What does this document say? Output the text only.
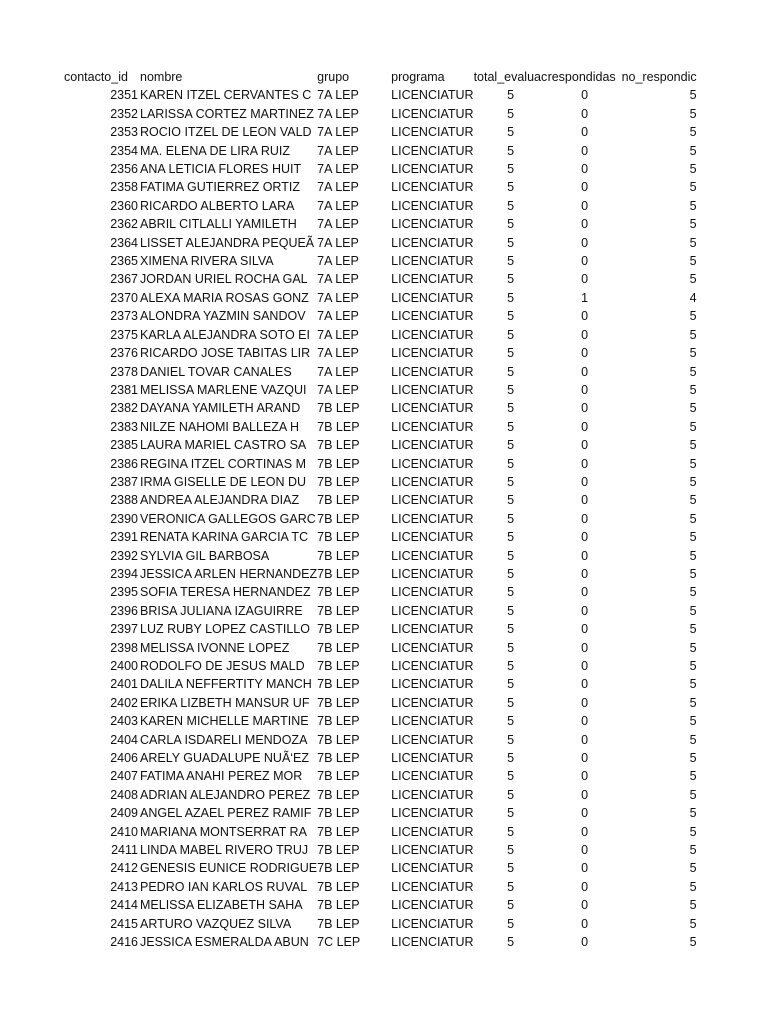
contacto_id	nombre	grupo	programa	total_evaluac	respondidas	no_respondic
2351	KAREN ITZEL CERVANTES C	7A LEP	LICENCIATUR	5	0	5
2352	LARISSA CORTEZ MARTINEZ	7A LEP	LICENCIATUR	5	0	5
2353	ROCIO ITZEL DE LEON VALD	7A LEP	LICENCIATUR	5	0	5
2354	MA. ELENA DE LIRA RUIZ	7A LEP	LICENCIATUR	5	0	5
2356	ANA LETICIA FLORES HUIT	7A LEP	LICENCIATUR	5	0	5
2358	FATIMA GUTIERREZ ORTIZ	7A LEP	LICENCIATUR	5	0	5
2360	RICARDO ALBERTO LARA	7A LEP	LICENCIATUR	5	0	5
2362	ABRIL CITLALLI YAMILETH	7A LEP	LICENCIATUR	5	0	5
2364	LISSET ALEJANDRA PEQUEÃ	7A LEP	LICENCIATUR	5	0	5
2365	XIMENA RIVERA SILVA	7A LEP	LICENCIATUR	5	0	5
2367	JORDAN URIEL ROCHA GAL	7A LEP	LICENCIATUR	5	0	5
2370	ALEXA MARIA ROSAS GONZ	7A LEP	LICENCIATUR	5	1	4
2373	ALONDRA YAZMIN SANDOV	7A LEP	LICENCIATUR	5	0	5
2375	KARLA ALEJANDRA SOTO EI	7A LEP	LICENCIATUR	5	0	5
2376	RICARDO JOSE TABITAS LIR	7A LEP	LICENCIATUR	5	0	5
2378	DANIEL TOVAR CANALES	7A LEP	LICENCIATUR	5	0	5
2381	MELISSA MARLENE VAZQUI	7A LEP	LICENCIATUR	5	0	5
2382	DAYANA YAMILETH ARAND	7B LEP	LICENCIATUR	5	0	5
2383	NILZE NAHOMI BALLEZA H	7B LEP	LICENCIATUR	5	0	5
2385	LAURA MARIEL CASTRO SA	7B LEP	LICENCIATUR	5	0	5
2386	REGINA ITZEL CORTINAS M	7B LEP	LICENCIATUR	5	0	5
2387	IRMA GISELLE DE LEON DU	7B LEP	LICENCIATUR	5	0	5
2388	ANDREA ALEJANDRA DIAZ	7B LEP	LICENCIATUR	5	0	5
2390	VERONICA GALLEGOS GARC	7B LEP	LICENCIATUR	5	0	5
2391	RENATA KARINA GARCIA TC	7B LEP	LICENCIATUR	5	0	5
2392	SYLVIA GIL BARBOSA	7B LEP	LICENCIATUR	5	0	5
2394	JESSICA ARLEN HERNANDEZ	7B LEP	LICENCIATUR	5	0	5
2395	SOFIA TERESA HERNANDEZ	7B LEP	LICENCIATUR	5	0	5
2396	BRISA JULIANA IZAGUIRRE	7B LEP	LICENCIATUR	5	0	5
2397	LUZ RUBY LOPEZ CASTILLO	7B LEP	LICENCIATUR	5	0	5
2398	MELISSA IVONNE LOPEZ	7B LEP	LICENCIATUR	5	0	5
2400	RODOLFO DE JESUS MALD	7B LEP	LICENCIATUR	5	0	5
2401	DALILA NEFFERTITY MANCH	7B LEP	LICENCIATUR	5	0	5
2402	ERIKA LIZBETH MANSUR UF	7B LEP	LICENCIATUR	5	0	5
2403	KAREN MICHELLE MARTINE	7B LEP	LICENCIATUR	5	0	5
2404	CARLA ISDARELI MENDOZA	7B LEP	LICENCIATUR	5	0	5
2406	ARELY GUADALUPE NUÃ‘EZ	7B LEP	LICENCIATUR	5	0	5
2407	FATIMA ANAHI PEREZ MOR	7B LEP	LICENCIATUR	5	0	5
2408	ADRIAN ALEJANDRO PEREZ	7B LEP	LICENCIATUR	5	0	5
2409	ANGEL AZAEL PEREZ RAMIF	7B LEP	LICENCIATUR	5	0	5
2410	MARIANA MONTSERRAT RA	7B LEP	LICENCIATUR	5	0	5
2411	LINDA MABEL RIVERO TRUJ	7B LEP	LICENCIATUR	5	0	5
2412	GENESIS EUNICE RODRIGUE	7B LEP	LICENCIATUR	5	0	5
2413	PEDRO IAN KARLOS RUVAL	7B LEP	LICENCIATUR	5	0	5
2414	MELISSA ELIZABETH SAHA	7B LEP	LICENCIATUR	5	0	5
2415	ARTURO VAZQUEZ SILVA	7B LEP	LICENCIATUR	5	0	5
2416	JESSICA ESMERALDA ABUN	7C LEP	LICENCIATUR	5	0	5
